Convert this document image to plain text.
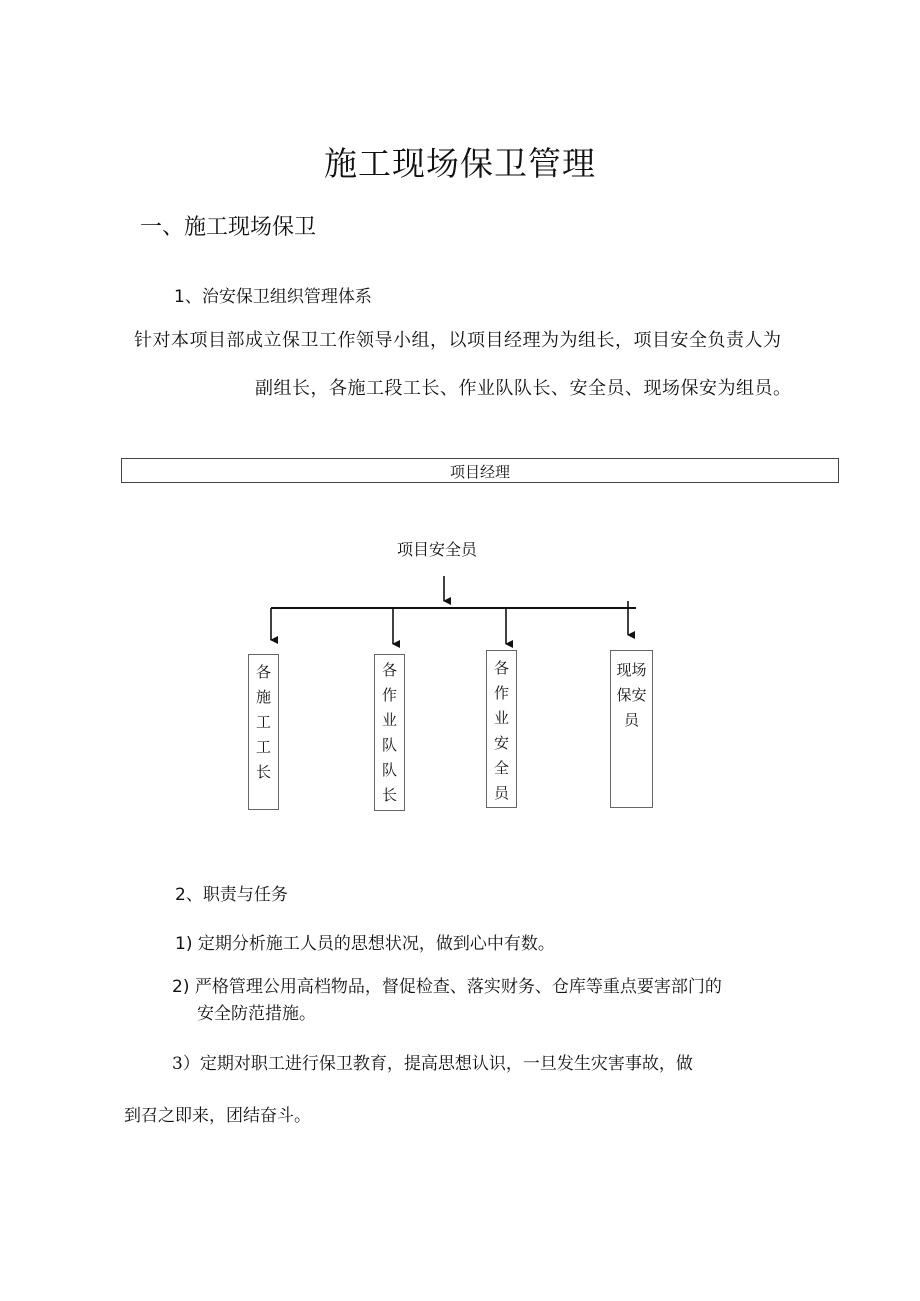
施工现场保卫管理
一、施工现场保卫
1、治安保卫组织管理体系
针对本项目部成立保卫工作领导小组，以项目经理为为组长，项目安全负责人为
副组长，各施工段工长、作业队队长、安全员、现场保安为组员。
项目经理
项目安全员
各施工工长
各作业队队长
各作业安全员
现场保安员
2、职责与任务
1) 定期分析施工人员的思想状况，做到心中有数。
2) 严格管理公用高档物品，督促检查、落实财务、仓库等重点要害部门的
安全防范措施。
3）定期对职工进行保卫教育，提高思想认识，一旦发生灾害事故，做
到召之即来，团结奋斗。
